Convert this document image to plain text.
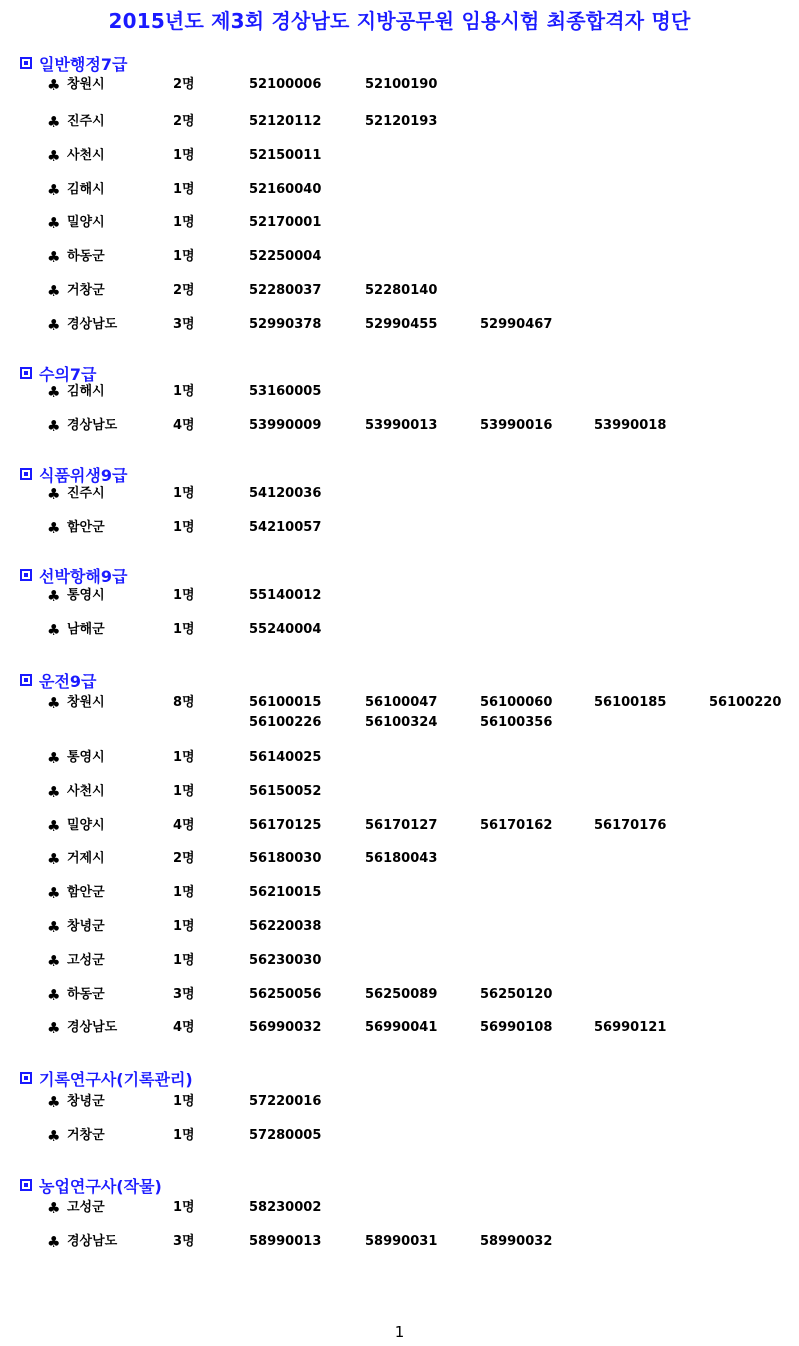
2015년도 제3회 경상남도 지방공무원 임용시험 최종합격자 명단
일반행정7급
♣ 창원시	2명	52100006	52100190
♣ 진주시	2명	52120112	52120193
♣ 사천시	1명	52150011
♣ 김해시	1명	52160040
♣ 밀양시	1명	52170001
♣ 하동군	1명	52250004
♣ 거창군	2명	52280037	52280140
♣ 경상남도	3명	52990378	52990455	52990467
수의7급
♣ 김해시	1명	53160005
♣ 경상남도	4명	53990009	53990013	53990016	53990018
식품위생9급
♣ 진주시	1명	54120036
♣ 함안군	1명	54210057
선박항해9급
♣ 통영시	1명	55140012
♣ 남해군	1명	55240004
운전9급
♣ 창원시	8명	56100015	56100047	56100060	56100185	56100220
56100226	56100324	56100356
♣ 통영시	1명	56140025
♣ 사천시	1명	56150052
♣ 밀양시	4명	56170125	56170127	56170162	56170176
♣ 거제시	2명	56180030	56180043
♣ 함안군	1명	56210015
♣ 창녕군	1명	56220038
♣ 고성군	1명	56230030
♣ 하동군	3명	56250056	56250089	56250120
♣ 경상남도	4명	56990032	56990041	56990108	56990121
기록연구사(기록관리)
♣ 창녕군	1명	57220016
♣ 거창군	1명	57280005
농업연구사(작물)
♣ 고성군	1명	58230002
♣ 경상남도	3명	58990013	58990031	58990032
1
